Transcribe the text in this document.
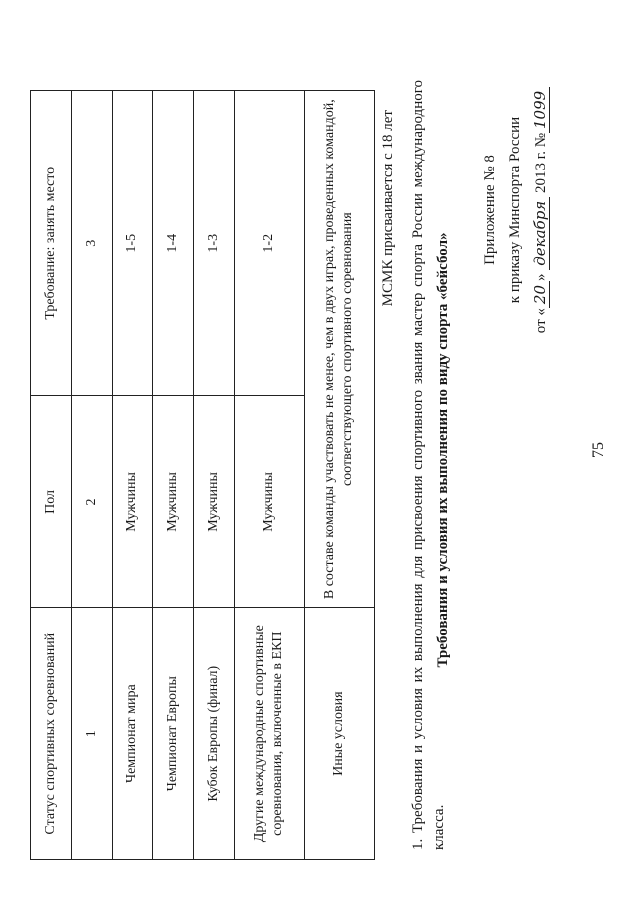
75
Приложение № 8 к приказу Минспорта России
от «20» декабря 2013 г. №1099
Требования и условия их выполнения по виду спорта «бейсбол»
1. Требования и условия их выполнения для присвоения спортивного звания мастер спорта России международного класса.
МСМК присваивается с 18 лет
Статус спортивных соревнований	Пол	Требование: занять место
1	2	3
Чемпионат мира	Мужчины	1-5
Чемпионат Европы	Мужчины	1-4
Кубок Европы (финал)	Мужчины	1-3
Другие международные спортивные соревнования, включенные в ЕКП	Мужчины	1-2
Иные условия	В составе команды участвовать не менее, чем в двух играх, проведенных командой, соответствующего спортивного соревнования	
